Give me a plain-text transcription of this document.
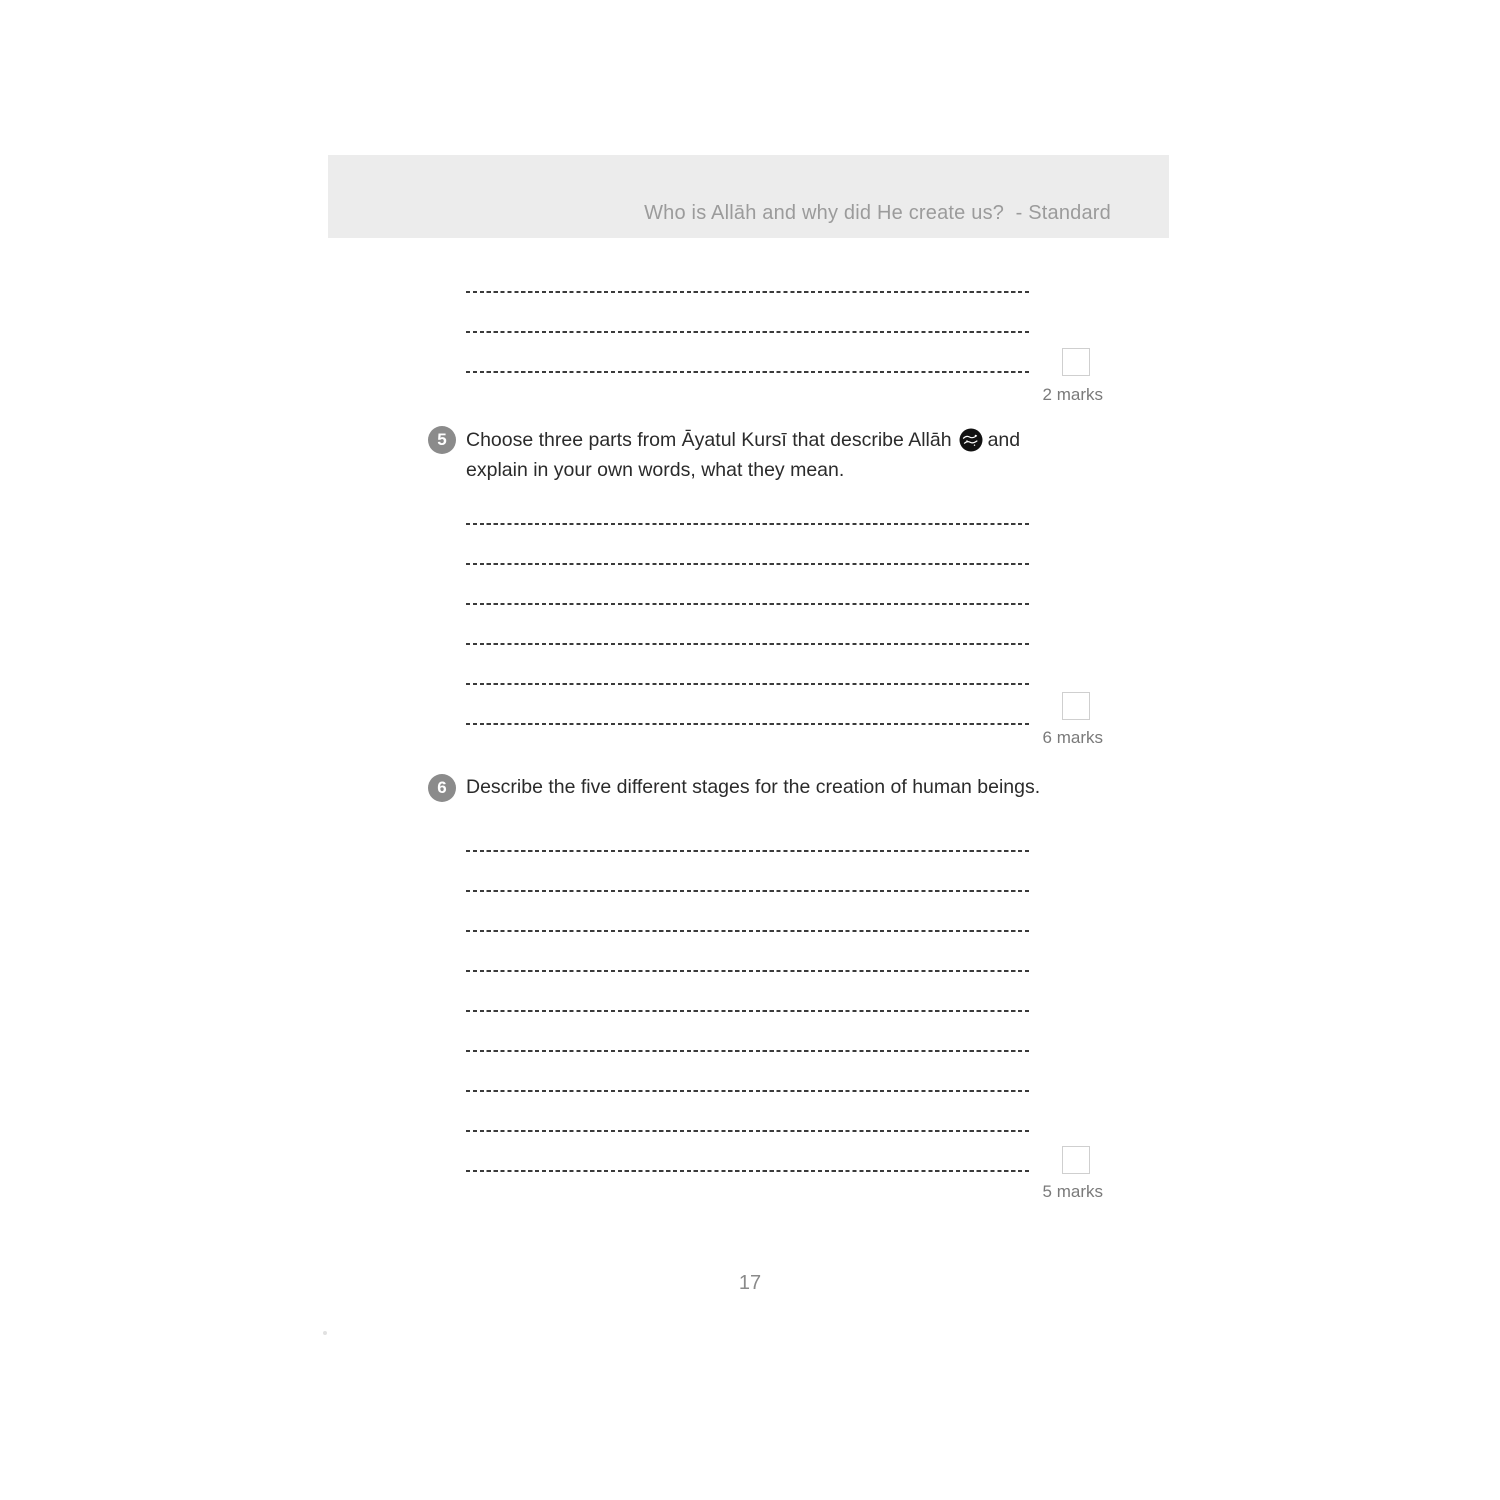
Who is Allāh and why did He create us?  - Standard
2 marks
5 Choose three parts from Āyatul Kursī that describe Allāh and
explain in your own words, what they mean.
6 marks
6 Describe the five different stages for the creation of human beings.
5 marks
17
